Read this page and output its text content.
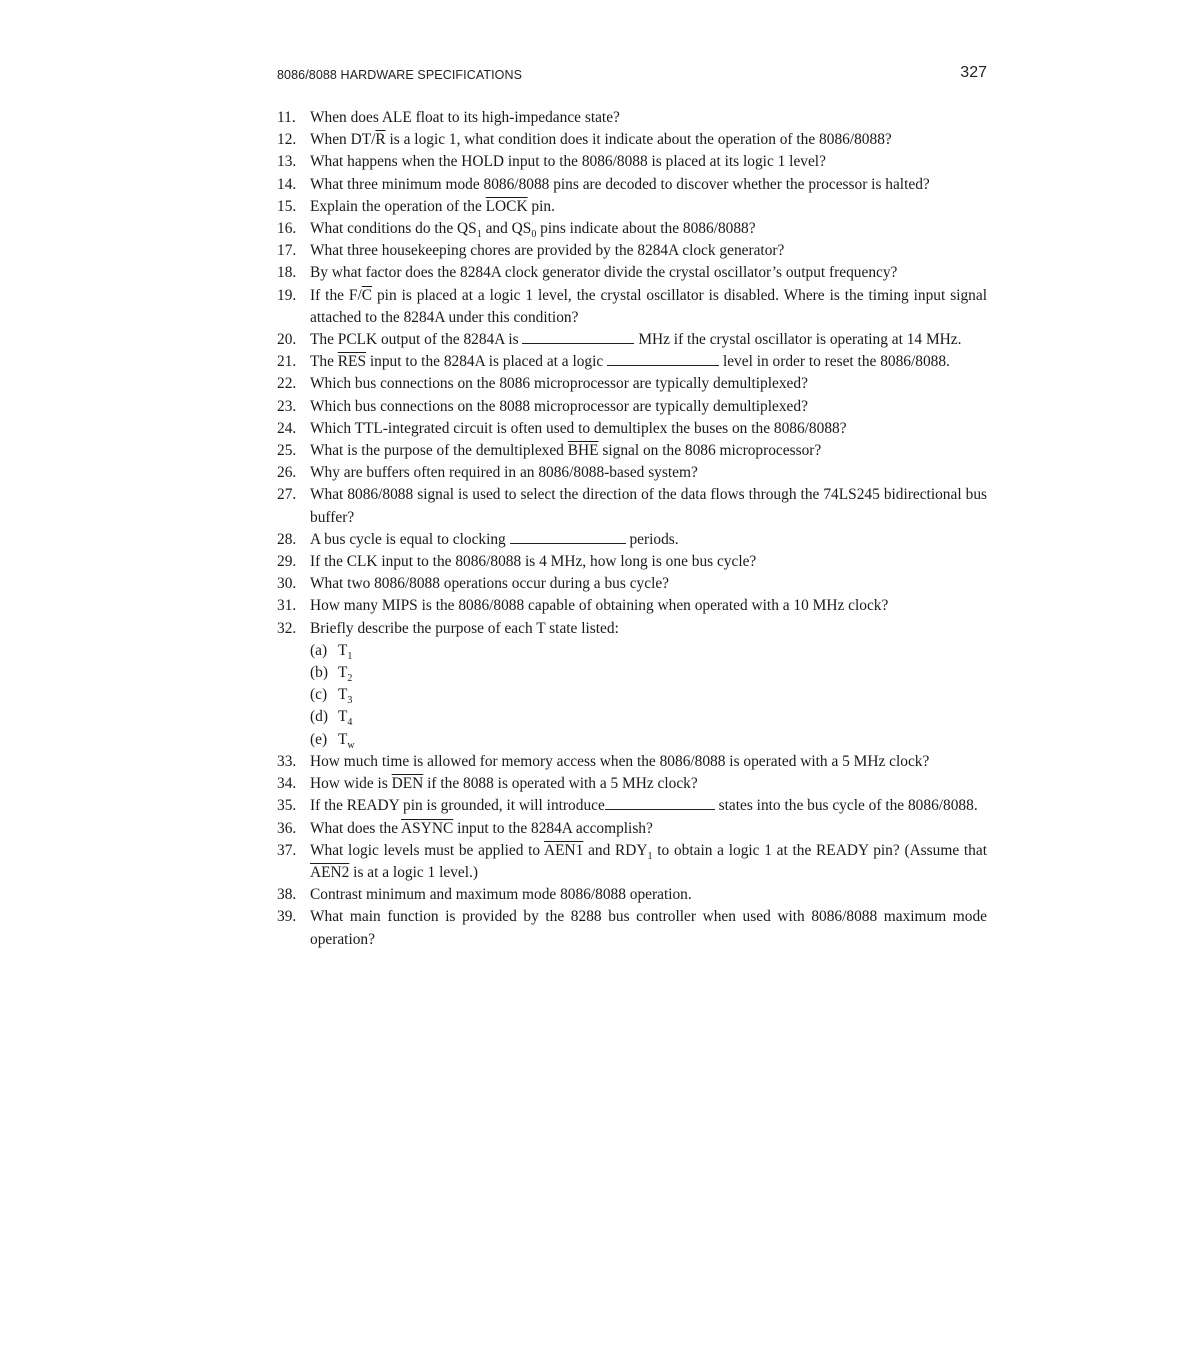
8086/8088 HARDWARE SPECIFICATIONS	327
11. When does ALE float to its high-impedance state?
12. When $DT/\overline{R}$ is a logic 1, what condition does it indicate about the operation of the 8086/8088?
13. What happens when the HOLD input to the 8086/8088 is placed at its logic 1 level?
14. What three minimum mode 8086/8088 pins are decoded to discover whether the processor is halted?
15. Explain the operation of the LOCK pin.
16. What conditions do the $QS_1$ and $QS_0$ pins indicate about the 8086/8088?
17. What three housekeeping chores are provided by the 8284A clock generator?
18. By what factor does the 8284A clock generator divide the crystal oscillator’s output frequency?
19. If the $F/\overline{C}$ pin is placed at a logic 1 level, the crystal oscillator is disabled. Where is the timing input signal attached to the 8284A under this condition?
20. The PCLK output of the 8284A is	MHz if the crystal oscillator is operating at 14 MHz.
21. The $\overline{RES}$ input to the 8284A is placed at a logic	level in order to reset the 8086/8088.
22. Which bus connections on the 8086 microprocessor are typically demultiplexed?
23. Which bus connections on the 8088 microprocessor are typically demultiplexed?
24. Which TTL-integrated circuit is often used to demultiplex the buses on the 8086/8088?
25. What is the purpose of the demultiplexed $\overline{BHE}$ signal on the 8086 microprocessor?
26. Why are buffers often required in an 8086/8088-based system?
27. What 8086/8088 signal is used to select the direction of the data flows through the 74LS245 bidirectional bus buffer?
28. A bus cycle is equal to clocking	periods.
29. If the CLK input to the 8086/8088 is 4 MHz, how long is one bus cycle?
30. What two 8086/8088 operations occur during a bus cycle?
31. How many MIPS is the 8086/8088 capable of obtaining when operated with a 10 MHz clock?
32. Briefly describe the purpose of each T state listed:
(a) $T_1$
(b) $T_2$
(c) $T_3$
(d) $T_4$
(e) $T_w$
33. How much time is allowed for memory access when the 8086/8088 is operated with a 5 MHz clock?
34. How wide is $\overline{DEN}$ if the 8088 is operated with a 5 MHz clock?
35. If the READY pin is grounded, it will introduce	states into the bus cycle of the 8086/8088.
36. What does the ASYNC input to the 8284A accomplish?
37. What logic levels must be applied to AEN1 and $RDY_1$ to obtain a logic 1 at the READY pin? (Assume that AEN2 is at a logic 1 level.)
38. Contrast minimum and maximum mode 8086/8088 operation.
39. What main function is provided by the 8288 bus controller when used with 8086/8088 maximum mode operation?
